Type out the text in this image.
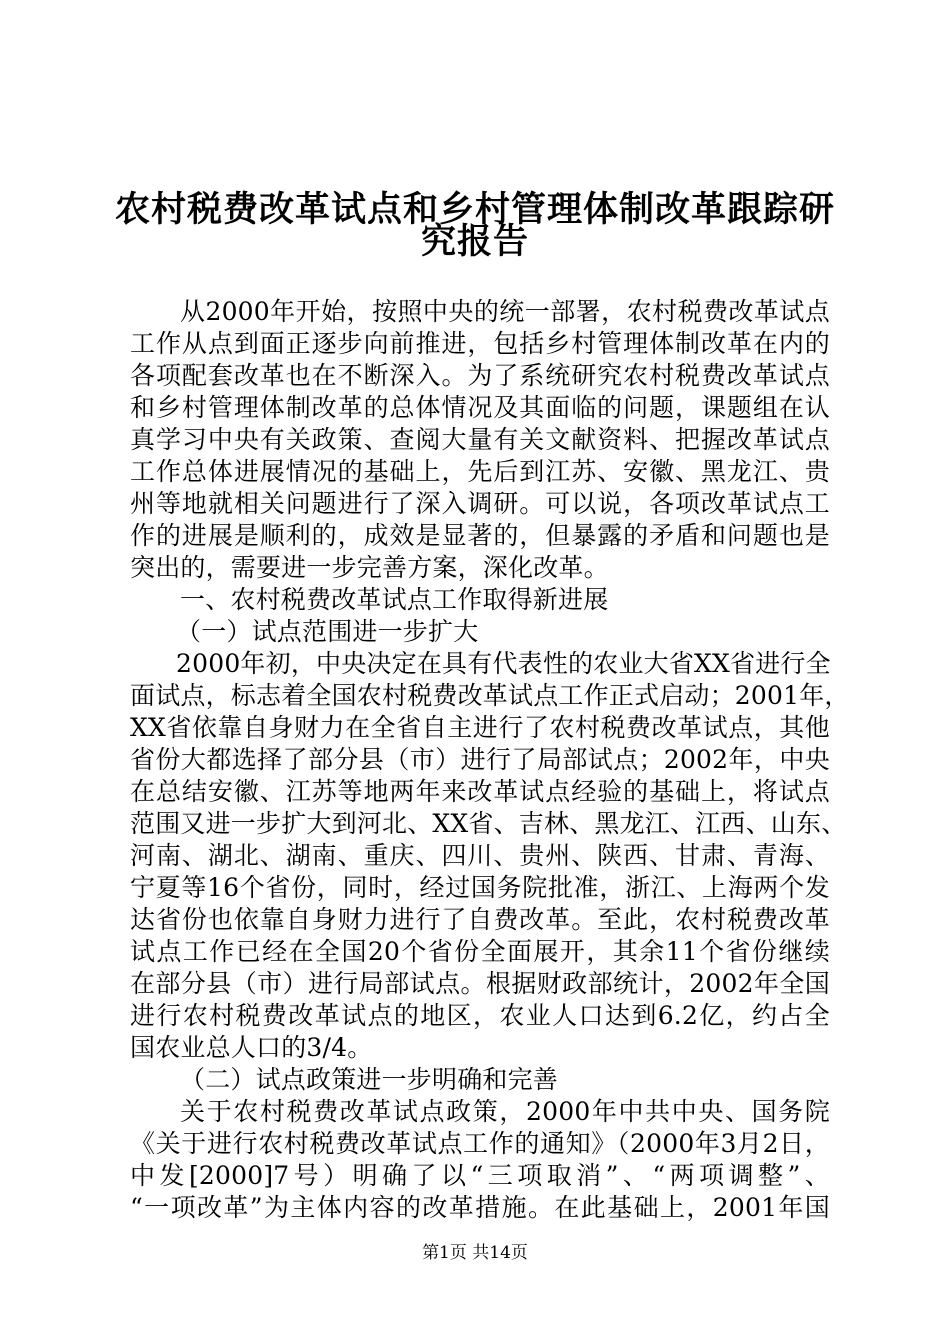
农村税费改革试点和乡村管理体制改革跟踪研
究报告
从2000年开始，按照中央的统一部署，农村税费改革试点
工作从点到面正逐步向前推进，包括乡村管理体制改革在内的
各项配套改革也在不断深入。为了系统研究农村税费改革试点
和乡村管理体制改革的总体情况及其面临的问题，课题组在认
真学习中央有关政策、查阅大量有关文献资料、把握改革试点
工作总体进展情况的基础上，先后到江苏、安徽、黑龙江、贵
州等地就相关问题进行了深入调研。可以说，各项改革试点工
作的进展是顺利的，成效是显著的，但暴露的矛盾和问题也是
突出的，需要进一步完善方案，深化改革。
一、农村税费改革试点工作取得新进展
（一）试点范围进一步扩大
2000年初，中央决定在具有代表性的农业大省XX省进行全
面试点，标志着全国农村税费改革试点工作正式启动；2001年，
XX省依靠自身财力在全省自主进行了农村税费改革试点，其他
省份大都选择了部分县（市）进行了局部试点；2002年，中央
在总结安徽、江苏等地两年来改革试点经验的基础上，将试点
范围又进一步扩大到河北、XX省、吉林、黑龙江、江西、山东、
河南、湖北、湖南、重庆、四川、贵州、陕西、甘肃、青海、
宁夏等16个省份，同时，经过国务院批准，浙江、上海两个发
达省份也依靠自身财力进行了自费改革。至此，农村税费改革
试点工作已经在全国20个省份全面展开，其余11个省份继续
在部分县（市）进行局部试点。根据财政部统计，2002年全国
进行农村税费改革试点的地区，农业人口达到6.2亿，约占全
国农业总人口的3/4。
（二）试点政策进一步明确和完善
关于农村税费改革试点政策，2000年中共中央、国务院
《关于进行农村税费改革试点工作的通知》（2000年3月2日，
中发[2000]7号）明确了以“三项取消”、“两项调整”、
“一项改革”为主体内容的改革措施。在此基础上，2001年国
第1页 共14页
